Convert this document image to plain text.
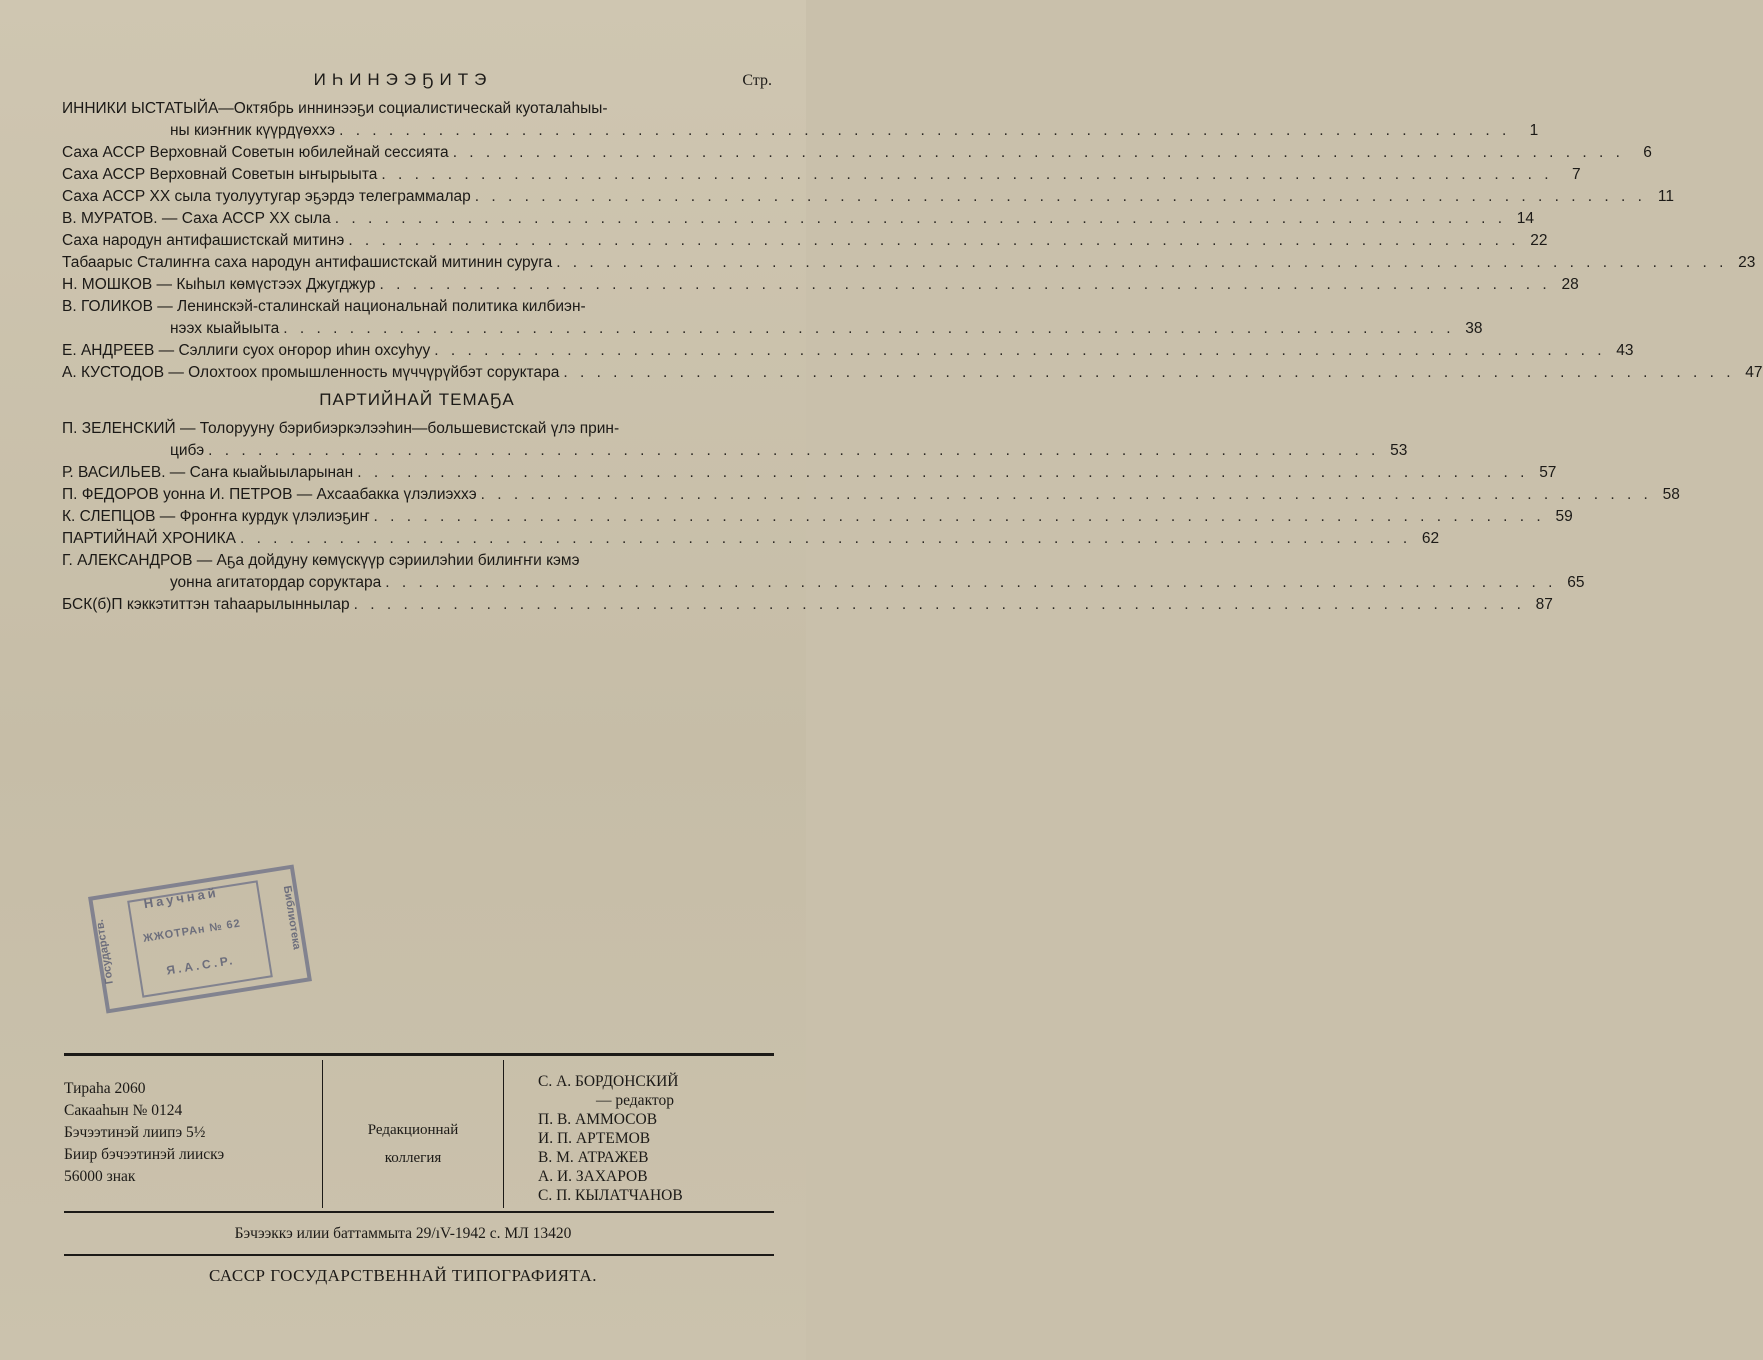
ИҺИНЭЭҔИТЭ	Стр.
ИННИКИ ЫСТАТЫЙА—Октябрь иннинээҕи социалистическай куоталаһыы-
ны киэҥник күүрдүөххэ . . . . . . . . . . . . . . . . . . . . . . . . . . . . . . . . . . . . . . . . . . . . . . . . . . . . . . . . . . . . . . . . . . . . . . .	1
Саха АССР Верховнай Советын юбилейнай сессията . . . . . . . . . . . . . . . . . . . . . . . . . . . . . . . . . . . . . . . . . . . . . . . . . . . . . . . . . . . . . . . . . . . . . . .	6
Саха АССР Верховнай Советын ыҥырыыта . . . . . . . . . . . . . . . . . . . . . . . . . . . . . . . . . . . . . . . . . . . . . . . . . . . . . . . . . . . . . . . . . . . . . . .	7
Саха АССР XX сыла туолуутугар эҕэрдэ телеграммалар . . . . . . . . . . . . . . . . . . . . . . . . . . . . . . . . . . . . . . . . . . . . . . . . . . . . . . . . . . . . . . . . . . . . . . . 11
В. МУРАТОВ. — Саха АССР XX сыла . . . . . . . . . . . . . . . . . . . . . . . . . . . . . . . . . . . . . . . . . . . . . . . . . . . . . . . . . . . . . . . . . . . . . . . 14
Саха народун антифашистскай митинэ . . . . . . . . . . . . . . . . . . . . . . . . . . . . . . . . . . . . . . . . . . . . . . . . . . . . . . . . . . . . . . . . . . . . . . . 22
Табаарыс Сталиҥҥа саха народун антифашистскай митинин суруга . . . . . . . . . . . . . . . . . . . . . . . . . . . . . . . . . . . . . . . . . . . . . . . . . . . . . . . . . . . . . . . . . . . . . . . 23
Н. МОШКОВ — Кыһыл көмүстээх Джугджур . . . . . . . . . . . . . . . . . . . . . . . . . . . . . . . . . . . . . . . . . . . . . . . . . . . . . . . . . . . . . . . . . . . . . . . 28
В. ГОЛИКОВ — Ленинскэй-сталинскай национальнай политика килбиэн-
нээх кыайыыта . . . . . . . . . . . . . . . . . . . . . . . . . . . . . . . . . . . . . . . . . . . . . . . . . . . . . . . . . . . . . . . . . . . . . . . 38
Е. АНДРЕЕВ — Сэллиги суох оҥорор иһин охсуһуу . . . . . . . . . . . . . . . . . . . . . . . . . . . . . . . . . . . . . . . . . . . . . . . . . . . . . . . . . . . . . . . . . . . . . . . 43
А. КУСТОДОВ — Олохтоох промышленность мүччүрүйбэт соруктара . . . . . . . . . . . . . . . . . . . . . . . . . . . . . . . . . . . . . . . . . . . . . . . . . . . . . . . . . . . . . . . . . . . . . . . 47
ПАРТИЙНАЙ ТЕМАҔА
П. ЗЕЛЕНСКИЙ — Толорууну бэрибиэркэлээһин—большевистскай үлэ прин-
цибэ . . . . . . . . . . . . . . . . . . . . . . . . . . . . . . . . . . . . . . . . . . . . . . . . . . . . . . . . . . . . . . . . . . . . . . . 53
Р. ВАСИЛЬЕВ. — Саҥа кыайыыларынан . . . . . . . . . . . . . . . . . . . . . . . . . . . . . . . . . . . . . . . . . . . . . . . . . . . . . . . . . . . . . . . . . . . . . . . 57
П. ФЕДОРОВ уонна И. ПЕТРОВ — Ахсаабакка үлэлиэххэ . . . . . . . . . . . . . . . . . . . . . . . . . . . . . . . . . . . . . . . . . . . . . . . . . . . . . . . . . . . . . . . . . . . . . . . 58
К. СЛЕПЦОВ — Фроҥҥа курдук үлэлиэҕиҥ . . . . . . . . . . . . . . . . . . . . . . . . . . . . . . . . . . . . . . . . . . . . . . . . . . . . . . . . . . . . . . . . . . . . . . . 59
ПАРТИЙНАЙ ХРОНИКА . . . . . . . . . . . . . . . . . . . . . . . . . . . . . . . . . . . . . . . . . . . . . . . . . . . . . . . . . . . . . . . . . . . . . . . 62
Г. АЛЕКСАНДРОВ — Аҕа дойдуну көмүскүүр сэриилэһии билиҥҥи кэмэ
уонна агитатордар соруктара . . . . . . . . . . . . . . . . . . . . . . . . . . . . . . . . . . . . . . . . . . . . . . . . . . . . . . . . . . . . . . . . . . . . . . . 65
БСК(б)П кэккэтиттэн таһаарылыннылар . . . . . . . . . . . . . . . . . . . . . . . . . . . . . . . . . . . . . . . . . . . . . . . . . . . . . . . . . . . . . . . . . . . . . . . 87
Научнай
ЖЖОТРАн № 62
Я.А.С.Р.
Государств.
Библиотека
Тираһа 2060
Сакааһын № 0124
Бэчээтинэй лиипэ 5½
Биир бэчээтинэй лиискэ
56000 знак
Редакционнай
коллегия
С. А. БОРДОНСКИЙ
— редактор
П. В. АММОСОВ
И. П. АРТЕМОВ
В. М. АТРАЖЕВ
А. И. ЗАХАРОВ
С. П. КЫЛАТЧАНОВ
Бэчээккэ илии баттаммыта 29/ıV-1942 с. МЛ 13420
САССР ГОСУДАРСТВЕННАЙ ТИПОГРАФИЯТА.
